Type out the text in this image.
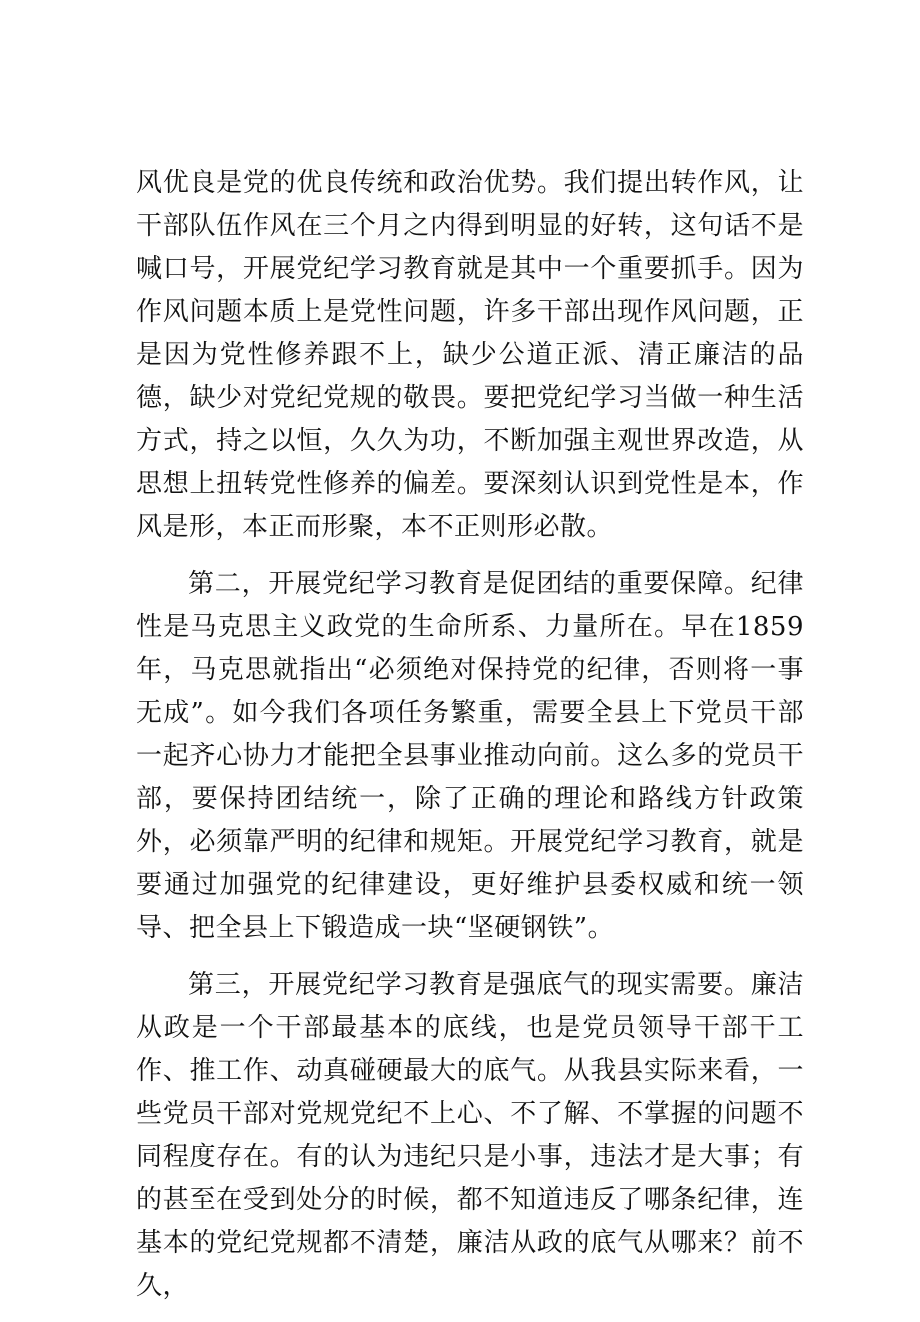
风优良是党的优良传统和政治优势。我们提出转作风，让干部队伍作风在三个月之内得到明显的好转，这句话不是喊口号，开展党纪学习教育就是其中一个重要抓手。因为作风问题本质上是党性问题，许多干部出现作风问题，正是因为党性修养跟不上，缺少公道正派、清正廉洁的品德，缺少对党纪党规的敬畏。要把党纪学习当做一种生活方式，持之以恒，久久为功，不断加强主观世界改造，从思想上扭转党性修养的偏差。要深刻认识到党性是本，作风是形，本正而形聚，本不正则形必散。

第二，开展党纪学习教育是促团结的重要保障。纪律性是马克思主义政党的生命所系、力量所在。早在1859年，马克思就指出“必须绝对保持党的纪律，否则将一事无成”。如今我们各项任务繁重，需要全县上下党员干部一起齐心协力才能把全县事业推动向前。这么多的党员干部，要保持团结统一，除了正确的理论和路线方针政策外，必须靠严明的纪律和规矩。开展党纪学习教育，就是要通过加强党的纪律建设，更好维护县委权威和统一领导、把全县上下锻造成一块“坚硬钢铁”。

第三，开展党纪学习教育是强底气的现实需要。廉洁从政是一个干部最基本的底线，也是党员领导干部干工作、推工作、动真碰硬最大的底气。从我县实际来看，一些党员干部对党规党纪不上心、不了解、不掌握的问题不同程度存在。有的认为违纪只是小事，违法才是大事；有的甚至在受到处分的时候，都不知道违反了哪条纪律，连基本的党纪党规都不清楚，廉洁从政的底气从哪来？前不久，
